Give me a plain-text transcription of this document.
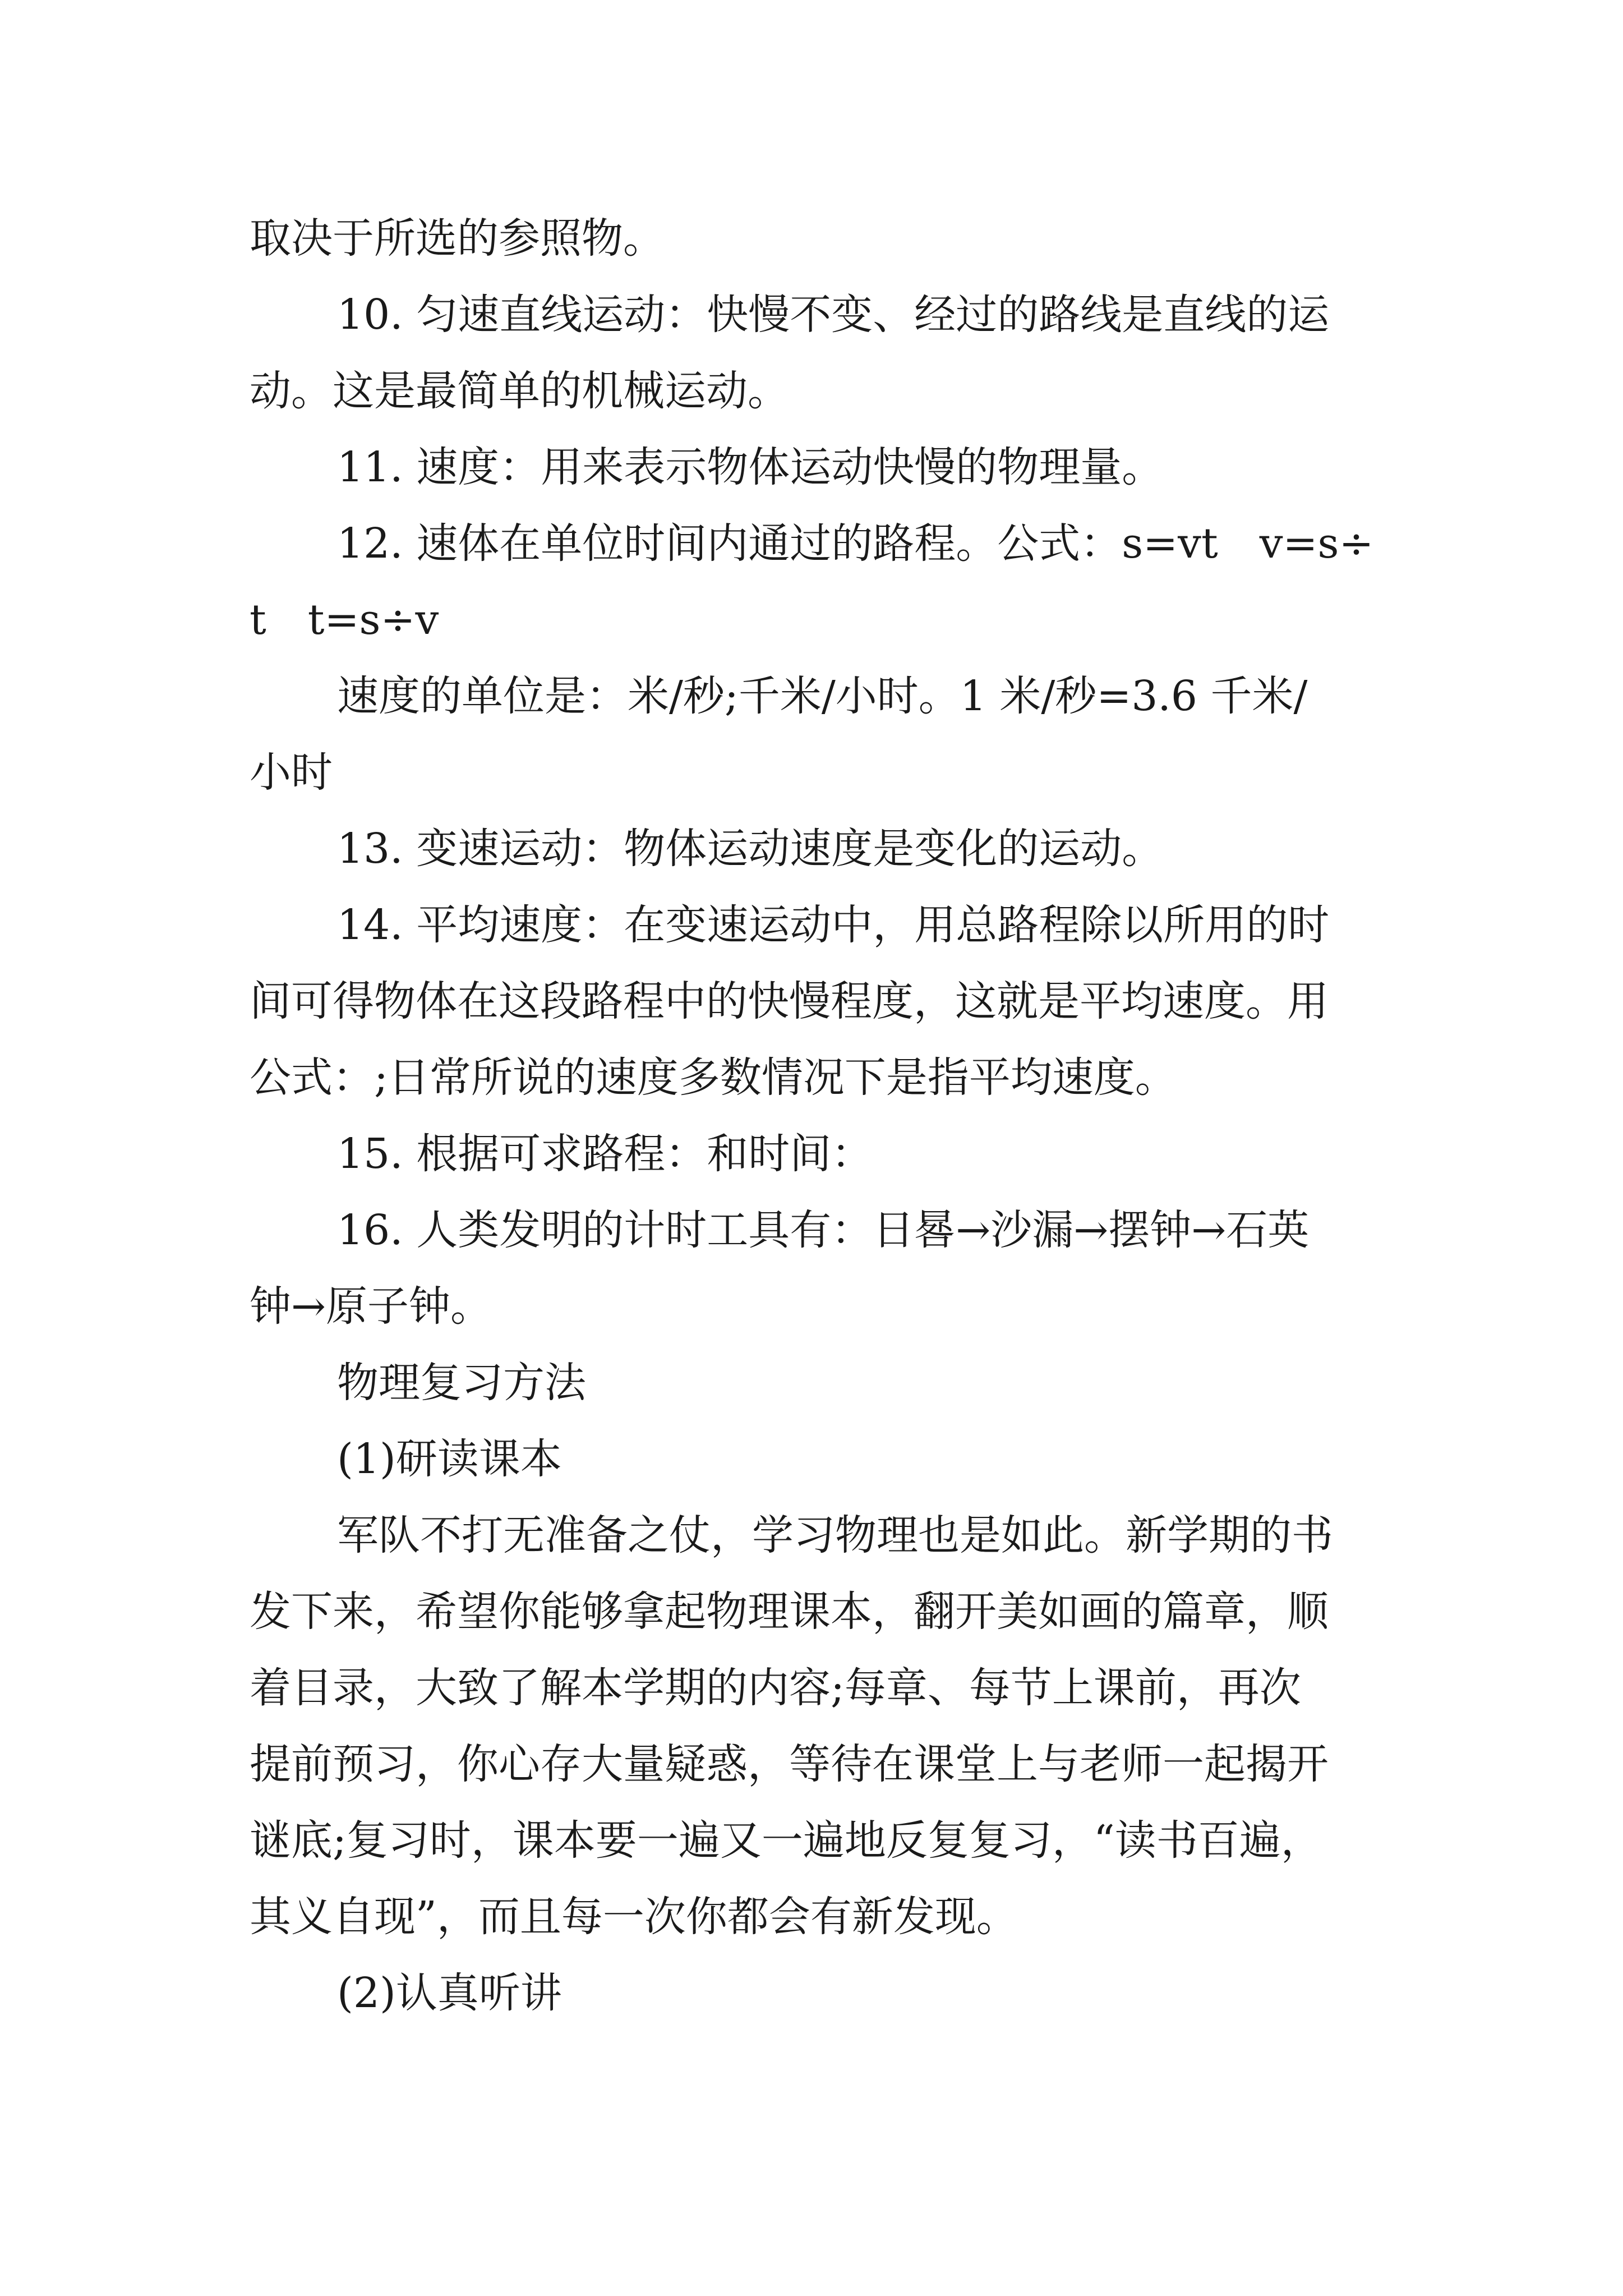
取决于所选的参照物。

10. 匀速直线运动：快慢不变、经过的路线是直线的运

动。这是最简单的机械运动。

11. 速度：用来表示物体运动快慢的物理量。

12. 速体在单位时间内通过的路程。公式：s=vt　v=s÷

t　t=s÷v

速度的单位是：米/秒;千米/小时。1 米/秒=3.6 千米/

小时

13. 变速运动：物体运动速度是变化的运动。

14. 平均速度：在变速运动中，用总路程除以所用的时

间可得物体在这段路程中的快慢程度，这就是平均速度。用

公式：;日常所说的速度多数情况下是指平均速度。

15. 根据可求路程：和时间：

16. 人类发明的计时工具有：日晷→沙漏→摆钟→石英

钟→原子钟。

物理复习方法

(1)研读课本

军队不打无准备之仗，学习物理也是如此。新学期的书

发下来，希望你能够拿起物理课本，翻开美如画的篇章，顺

着目录，大致了解本学期的内容;每章、每节上课前，再次

提前预习，你心存大量疑惑，等待在课堂上与老师一起揭开

谜底;复习时，课本要一遍又一遍地反复复习，“读书百遍，

其义自现”，而且每一次你都会有新发现。

(2)认真听讲
